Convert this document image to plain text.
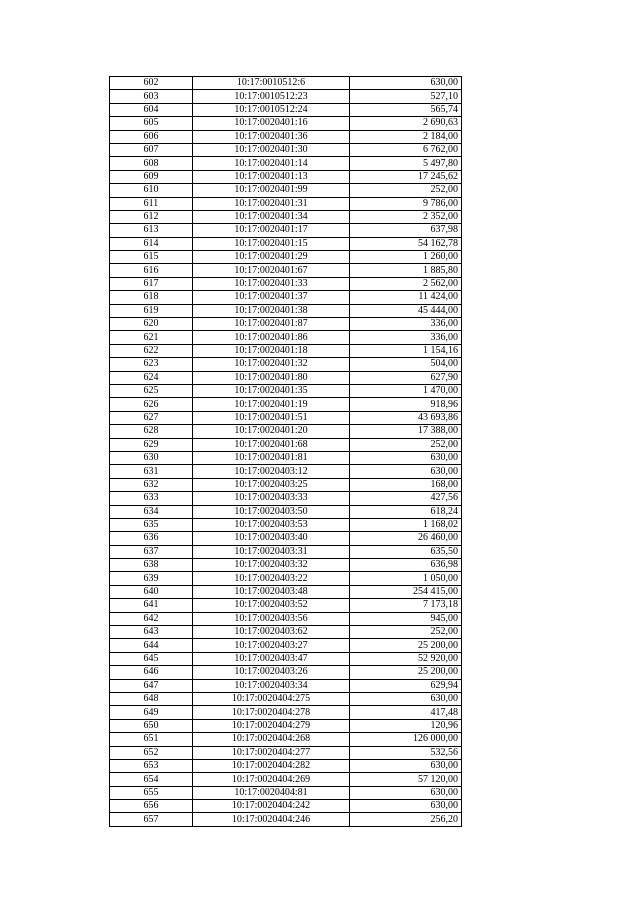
602	10:17:0010512:6	630,00
603	10:17:0010512:23	527,10
604	10:17:0010512:24	565,74
605	10:17:0020401:16	2 690,63
606	10:17:0020401:36	2 184,00
607	10:17:0020401:30	6 762,00
608	10:17:0020401:14	5 497,80
609	10:17:0020401:13	17 245,62
610	10:17:0020401:99	252,00
611	10:17:0020401:31	9 786,00
612	10:17:0020401:34	2 352,00
613	10:17:0020401:17	637,98
614	10:17:0020401:15	54 162,78
615	10:17:0020401:29	1 260,00
616	10:17:0020401:67	1 885,80
617	10:17:0020401:33	2 562,00
618	10:17:0020401:37	11 424,00
619	10:17:0020401:38	45 444,00
620	10:17:0020401:87	336,00
621	10:17:0020401:86	336,00
622	10:17:0020401:18	1 154,16
623	10:17:0020401:32	504,00
624	10:17:0020401:80	627,90
625	10:17:0020401:35	1 470,00
626	10:17:0020401:19	918,96
627	10:17:0020401:51	43 693,86
628	10:17:0020401:20	17 388,00
629	10:17:0020401:68	252,00
630	10:17:0020401:81	630,00
631	10:17:0020403:12	630,00
632	10:17:0020403:25	168,00
633	10:17:0020403:33	427,56
634	10:17:0020403:50	618,24
635	10:17:0020403:53	1 168,02
636	10:17:0020403:40	26 460,00
637	10:17:0020403:31	635,50
638	10:17:0020403:32	636,98
639	10:17:0020403:22	1 050,00
640	10:17:0020403:48	254 415,00
641	10:17:0020403:52	7 173,18
642	10:17:0020403:56	945,00
643	10:17:0020403:62	252,00
644	10:17:0020403:27	25 200,00
645	10:17:0020403:47	52 920,00
646	10:17:0020403:26	25 200,00
647	10:17:0020403:34	629,94
648	10:17:0020404:275	630,00
649	10:17:0020404:278	417,48
650	10:17:0020404:279	120,96
651	10:17:0020404:268	126 000,00
652	10:17:0020404:277	532,56
653	10:17:0020404:282	630,00
654	10:17:0020404:269	57 120,00
655	10:17:0020404:81	630,00
656	10:17:0020404:242	630,00
657	10:17:0020404:246	256,20
